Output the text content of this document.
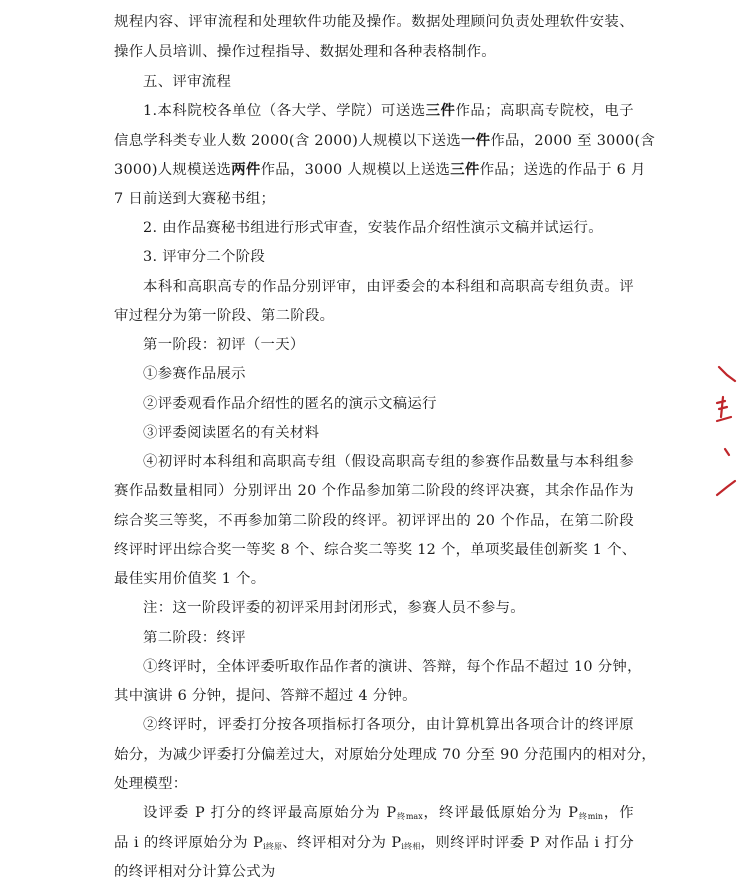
规程内容、评审流程和处理软件功能及操作。数据处理顾问负责处理软件安装、
操作人员培训、操作过程指导、数据处理和各种表格制作。
五、评审流程
1.本科院校各单位（各大学、学院）可送选三件作品；高职高专院校，电子
信息学科类专业人数 2000(含 2000)人规模以下送选一件作品，2000 至 3000(含
3000)人规模送选两件作品，3000 人规模以上送选三件作品；送选的作品于 6 月
7 日前送到大赛秘书组；
2. 由作品赛秘书组进行形式审查，安装作品介绍性演示文稿并试运行。
3. 评审分二个阶段
本科和高职高专的作品分别评审，由评委会的本科组和高职高专组负责。评
审过程分为第一阶段、第二阶段。
第一阶段：初评（一天）
①参赛作品展示
②评委观看作品介绍性的匿名的演示文稿运行
③评委阅读匿名的有关材料
④初评时本科组和高职高专组（假设高职高专组的参赛作品数量与本科组参
赛作品数量相同）分别评出 20 个作品参加第二阶段的终评决赛，其余作品作为
综合奖三等奖，不再参加第二阶段的终评。初评评出的 20 个作品，在第二阶段
终评时评出综合奖一等奖 8 个、综合奖二等奖 12 个，单项奖最佳创新奖 1 个、
最佳实用价值奖 1 个。
注：这一阶段评委的初评采用封闭形式，参赛人员不参与。
第二阶段：终评
①终评时，全体评委听取作品作者的演讲、答辩，每个作品不超过 10 分钟，
其中演讲 6 分钟，提问、答辩不超过 4 分钟。
②终评时，评委打分按各项指标打各项分，由计算机算出各项合计的终评原
始分，为减少评委打分偏差过大，对原始分处理成 70 分至 90 分范围内的相对分，
处理模型：
设评委 P 打分的终评最高原始分为 $P_{终max}$，终评最低原始分为 $P_{终min}$，作
品 i 的终评原始分为 $P_{i终原}$、终评相对分为 $P_{i终相}$，则终评时评委 P 对作品 i 打分
的终评相对分计算公式为
